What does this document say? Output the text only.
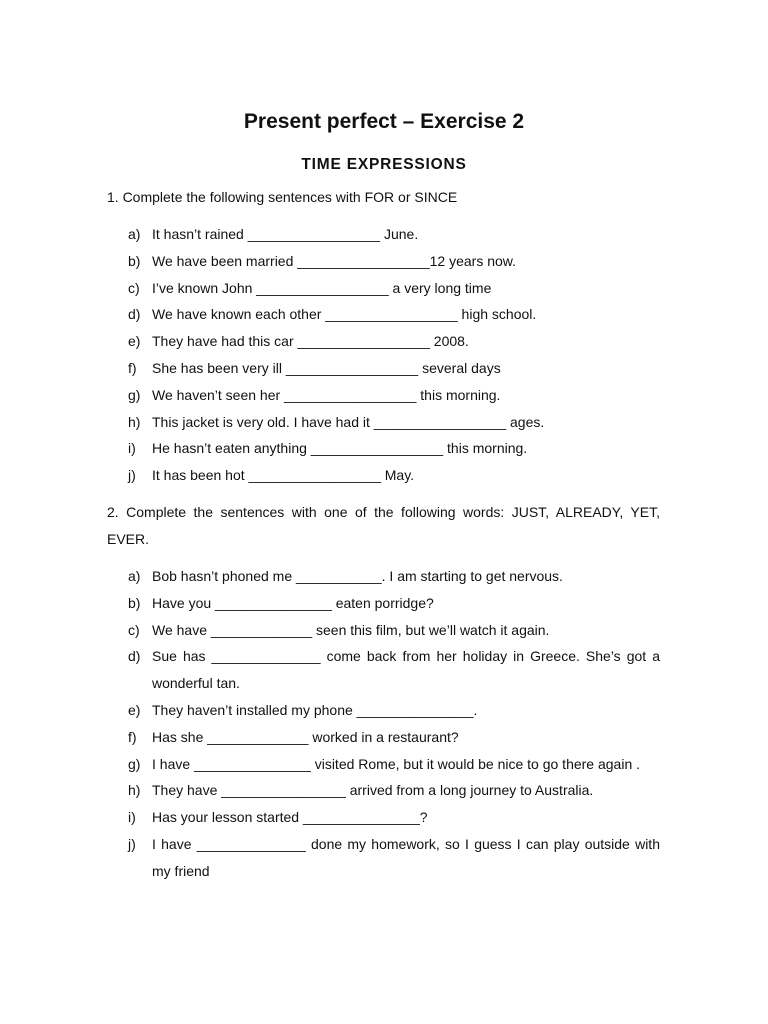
Present perfect – Exercise 2
TIME EXPRESSIONS
1. Complete the following sentences with FOR or SINCE
a) It hasn’t rained _________________ June.
b) We have been married _________________12 years now.
c) I’ve known John _________________ a very long time
d) We have known each other _________________ high school.
e) They have had this car _________________ 2008.
f) She has been very ill _________________ several days
g) We haven’t seen her _________________ this morning.
h) This jacket is very old. I have had it _________________ ages.
i) He hasn’t eaten anything _________________ this morning.
j) It has been hot _________________ May.
2. Complete the sentences with one of the following words: JUST, ALREADY, YET, EVER.
a) Bob hasn’t phoned me ___________. I am starting to get nervous.
b) Have you _______________ eaten porridge?
c) We have _____________ seen this film, but we’ll watch it again.
d) Sue has ______________ come back from her holiday in Greece. She’s got a wonderful tan.
e) They haven’t installed my phone _______________.
f) Has she _____________ worked in a restaurant?
g) I have _______________ visited Rome, but it would be nice to go there again .
h) They have ________________ arrived from a long journey to Australia.
i) Has your lesson started _______________?
j) I have ______________ done my homework, so I guess I can play outside with my friend
